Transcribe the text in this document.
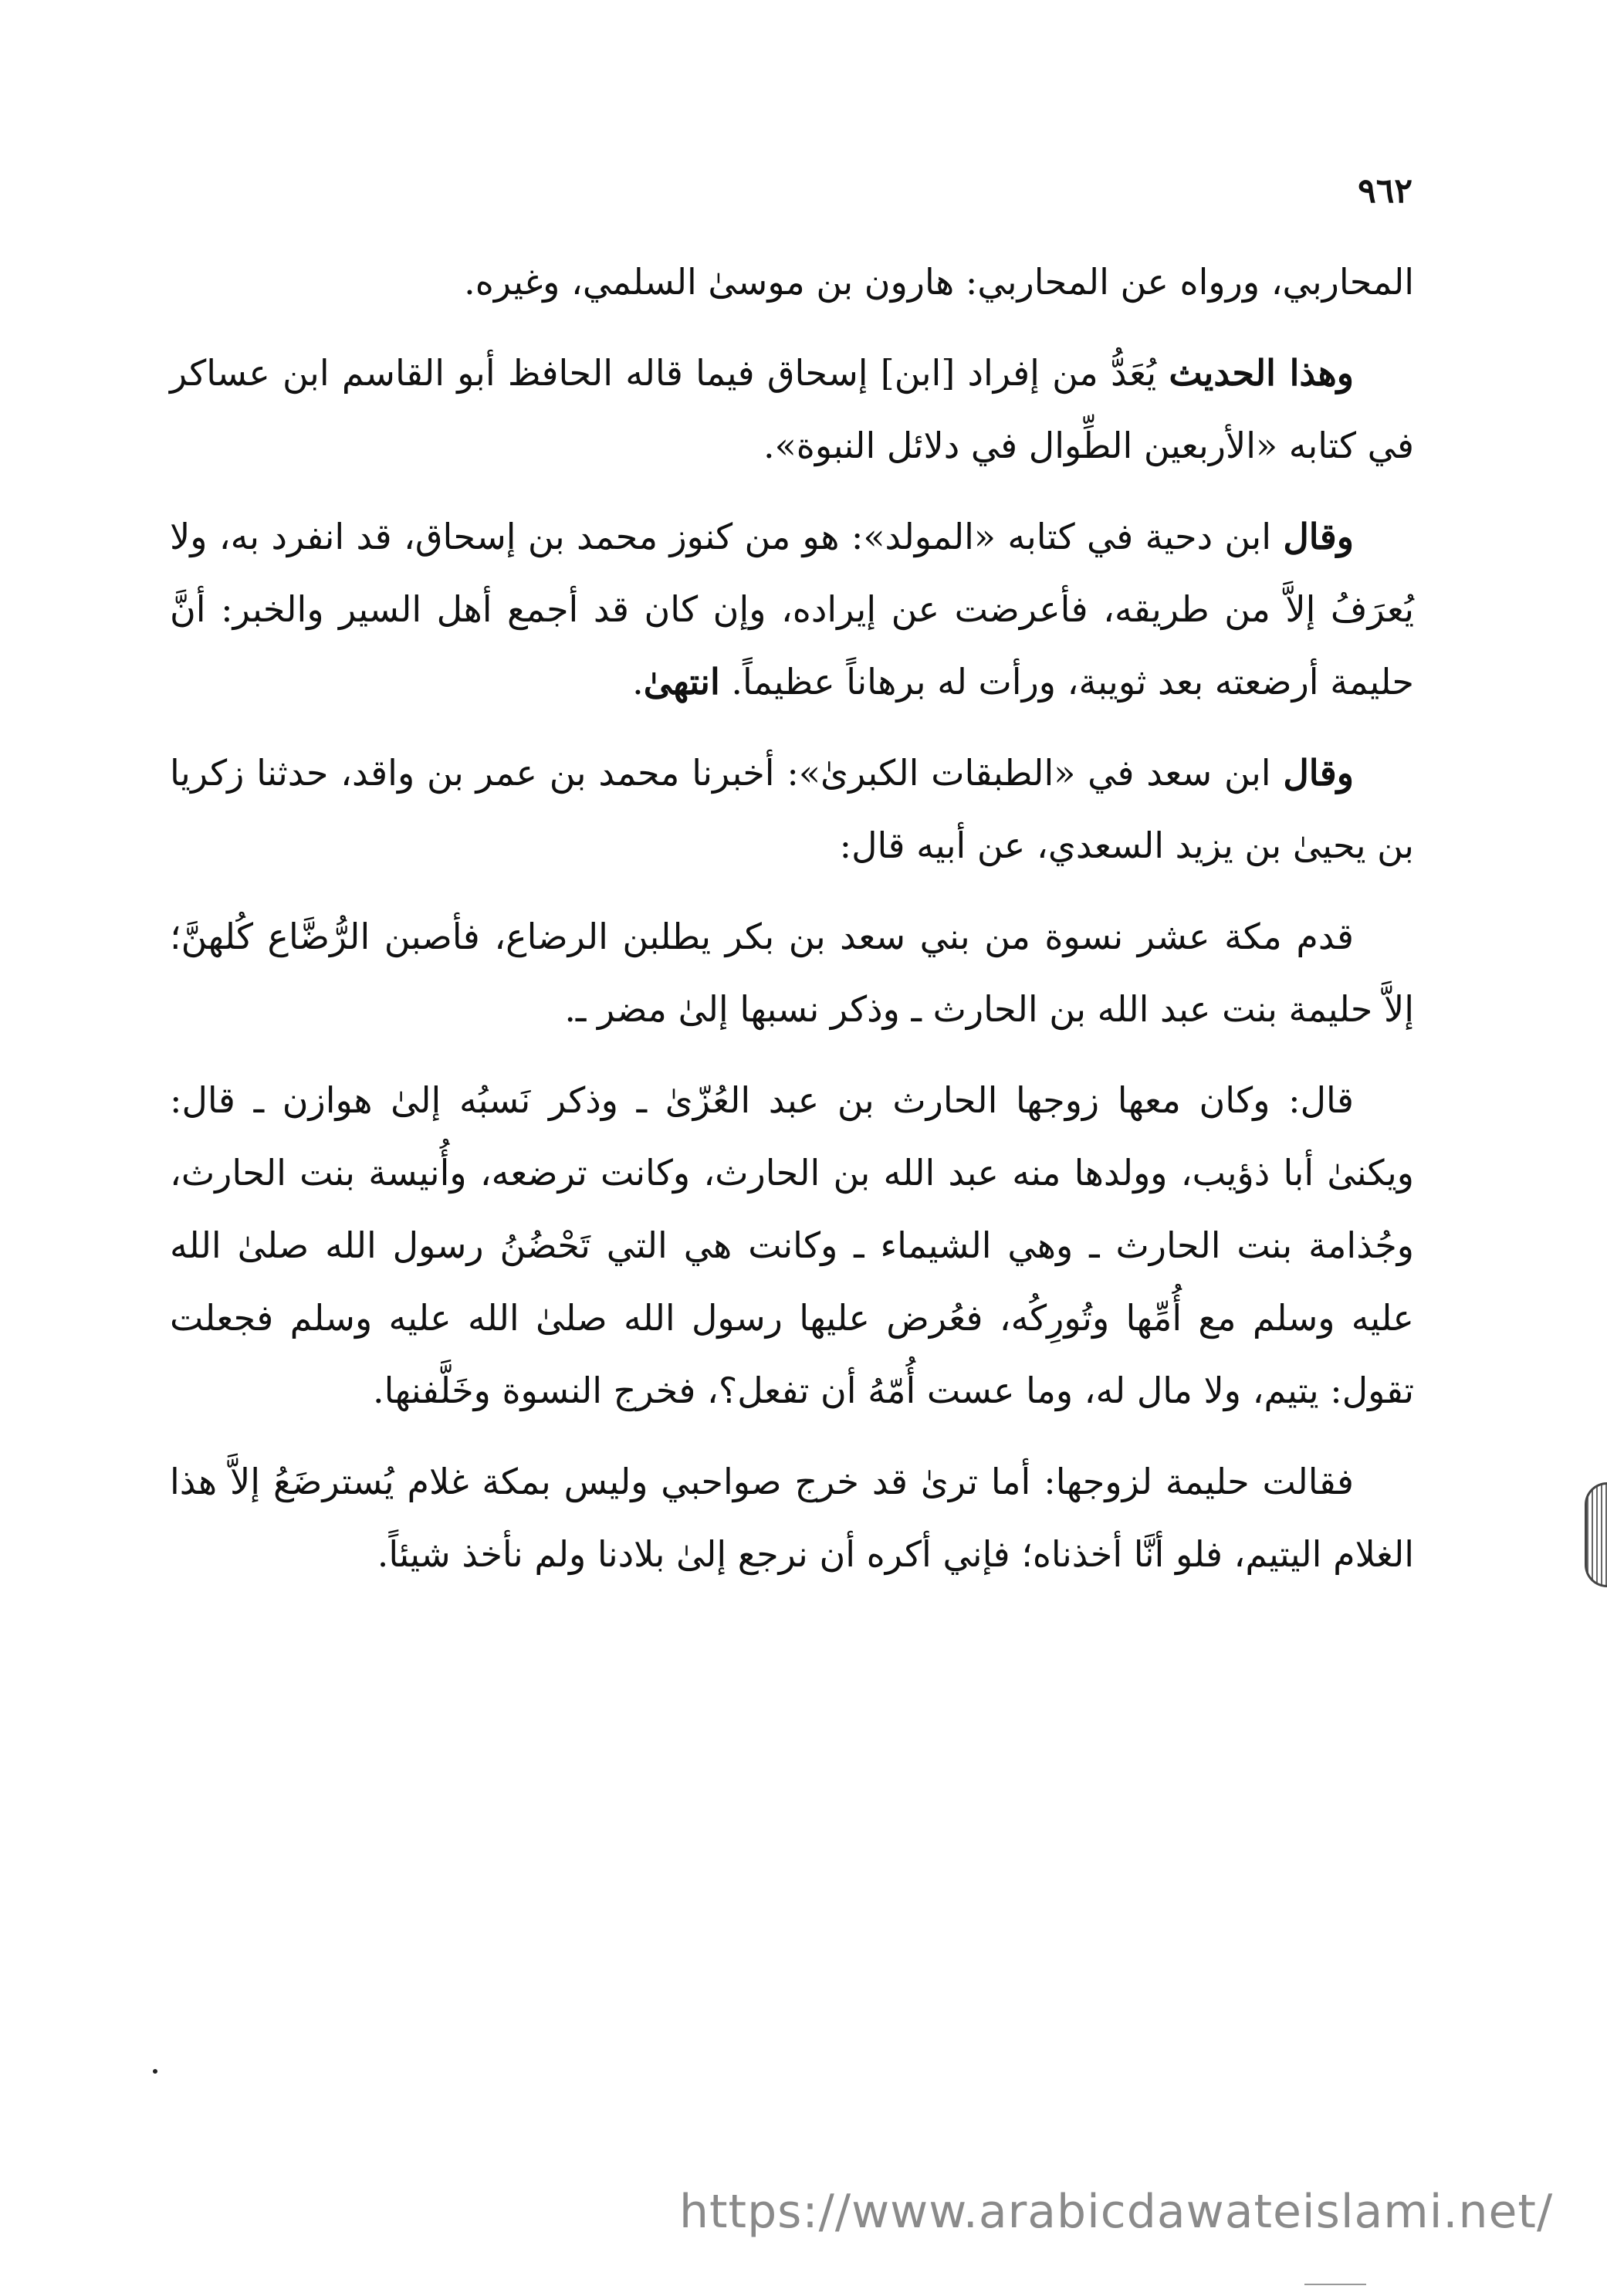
٩٦٢

المحاربي، ورواه عن المحاربي: هارون بن موسىٰ السلمي، وغيره.

وهذا الحديث يُعَدُّ من إفراد [ابن] إسحاق فيما قاله الحافظ أبو القاسم ابن عساكر في كتابه «الأربعين الطِّوال في دلائل النبوة».

وقال ابن دحية في كتابه «المولد»: هو من كنوز محمد بن إسحاق، قد انفرد به، ولا يُعرَفُ إلاَّ من طريقه، فأعرضت عن إيراده، وإن كان قد أجمع أهل السير والخبر: أنَّ حليمة أرضعته بعد ثويبة، ورأت له برهاناً عظيماً. انتهىٰ.

وقال ابن سعد في «الطبقات الكبرىٰ»: أخبرنا محمد بن عمر بن واقد، حدثنا زكريا بن يحيىٰ بن يزيد السعدي، عن أبيه قال:

قدم مكة عشر نسوة من بني سعد بن بكر يطلبن الرضاع، فأصبن الرُّضَّاع كُلهنَّ؛ إلاَّ حليمة بنت عبد الله بن الحارث ـ وذكر نسبها إلىٰ مضر ـ.

قال: وكان معها زوجها الحارث بن عبد العُزّىٰ ـ وذكر نَسبُه إلىٰ هوازن ـ قال: ويكنىٰ أبا ذؤيب، وولدها منه عبد الله بن الحارث، وكانت ترضعه، وأُنيسة بنت الحارث، وجُذامة بنت الحارث ـ وهي الشيماء ـ وكانت هي التي تَحْضُنُ رسول الله صلىٰ الله عليه وسلم مع أُمِّها وتُورِكُه، فعُرض عليها رسول الله صلىٰ الله عليه وسلم فجعلت تقول: يتيم، ولا مال له، وما عست أُمّهُ أن تفعل؟، فخرج النسوة وخَلَّفنها.

فقالت حليمة لزوجها: أما ترىٰ قد خرج صواحبي وليس بمكة غلام يُسترضَعُ إلاَّ هذا الغلام اليتيم، فلو أنَّا أخذناه؛ فإني أكره أن نرجع إلىٰ بلادنا ولم نأخذ شيئاً.

https://www.arabicdawateislami.net/
